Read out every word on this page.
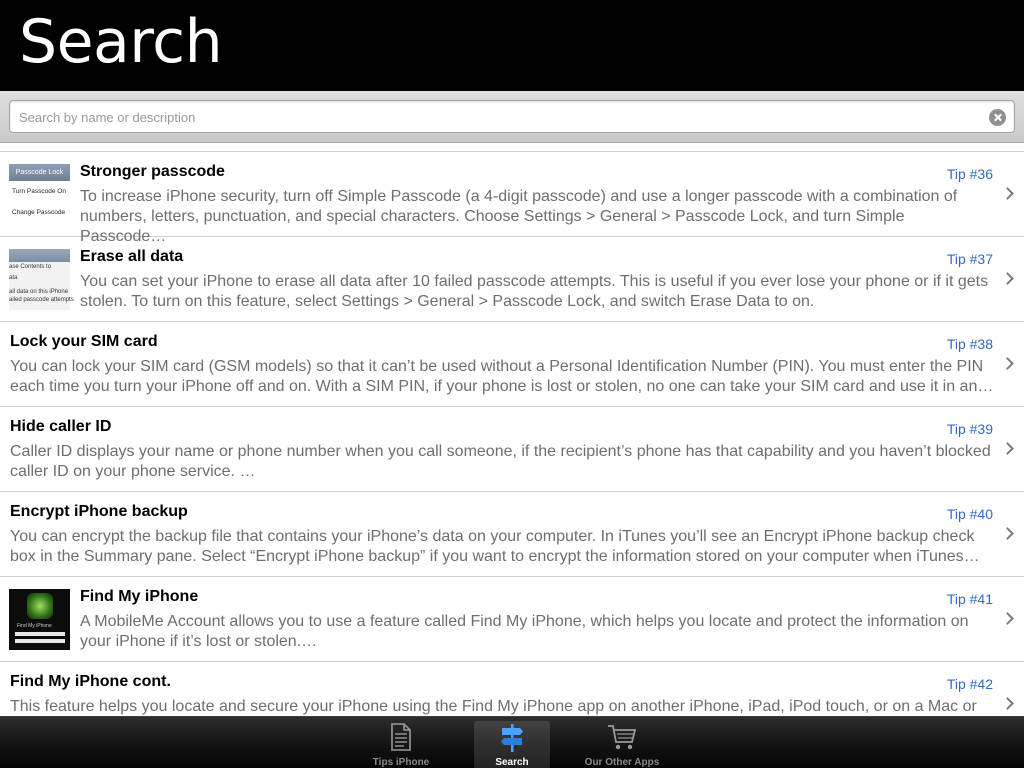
Search
Search by name or description
Passcode Lock
Turn Passcode On
Change Passcode
Stronger passcode	Tip #36
To increase iPhone security, turn off Simple Passcode (a 4-digit passcode) and use a longer passcode with a combination of numbers, letters, punctuation, and special characters. Choose Settings > General > Passcode Lock, and turn Simple Passcode…
ase Contents to
ata
all data on this iPhone
ailed passcode attempts
Erase all data	Tip #37
You can set your iPhone to erase all data after 10 failed passcode attempts. This is useful if you ever lose your phone or if it gets stolen. To turn on this feature, select Settings > General > Passcode Lock, and switch Erase Data to on.
Lock your SIM card	Tip #38
You can lock your SIM card (GSM models) so that it can’t be used without a Personal Identification Number (PIN). You must enter the PIN each time you turn your iPhone off and on. With a SIM PIN, if your phone is lost or stolen, no one can take your SIM card and use it in an…
Hide caller ID	Tip #39
Caller ID displays your name or phone number when you call someone, if the recipient’s phone has that capability and you haven’t blocked caller ID on your phone service. …
Encrypt iPhone backup	Tip #40
You can encrypt the backup file that contains your iPhone’s data on your computer. In iTunes you’ll see an Encrypt iPhone backup check box in the Summary pane. Select “Encrypt iPhone backup” if you want to encrypt the information stored on your computer when iTunes…
Find My iPhone
Find My iPhone	Tip #41
A MobileMe Account allows you to use a feature called Find My iPhone, which helps you locate and protect the information on your iPhone if it’s lost or stolen.…
Find My iPhone cont.	Tip #42
This feature helps you locate and secure your iPhone using the Find My iPhone app on another iPhone, iPad, iPod touch, or on a Mac or
Tips iPhone	Search	Our Other Apps
